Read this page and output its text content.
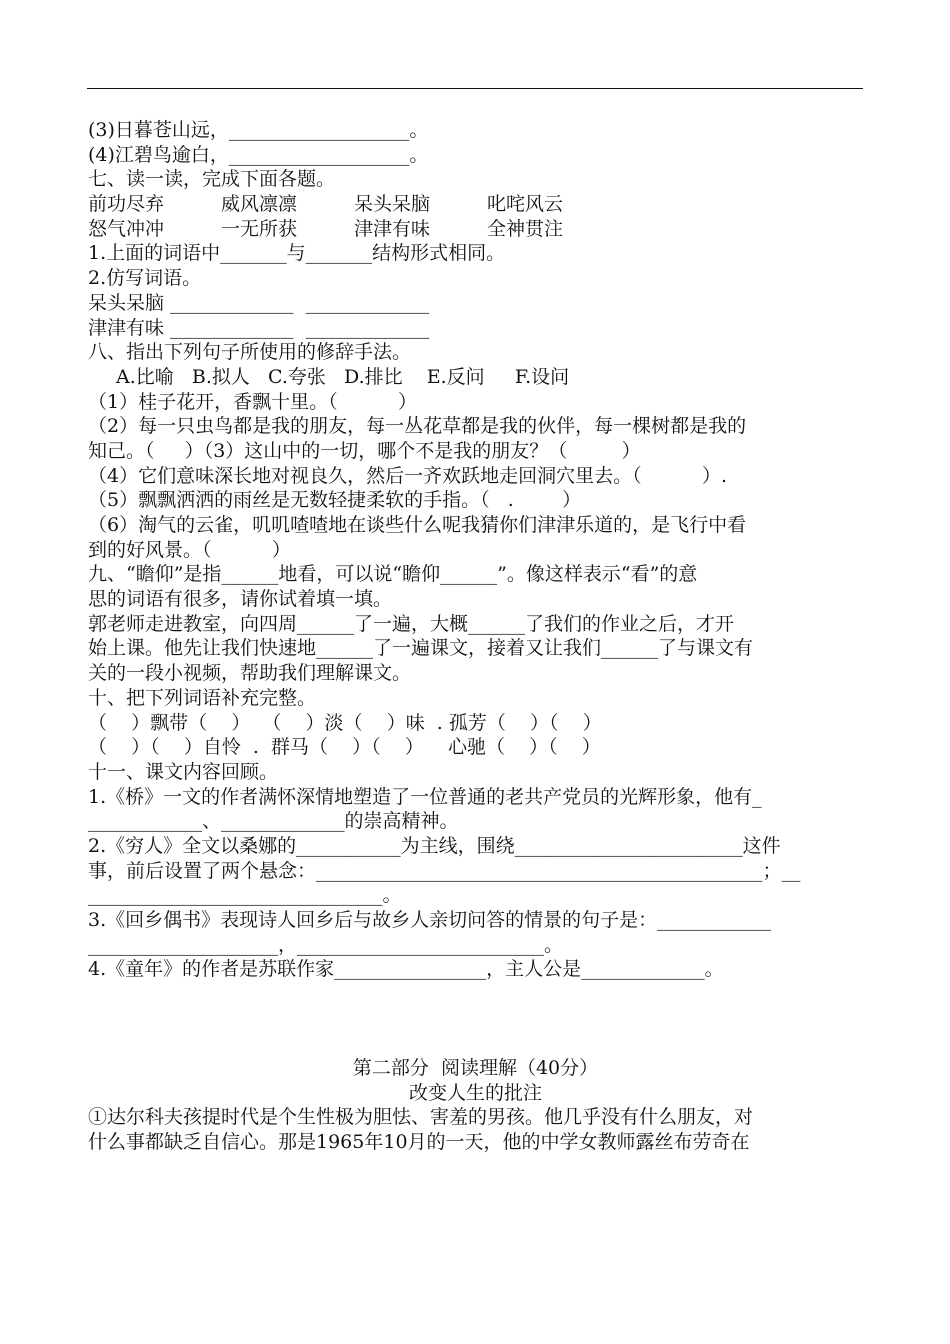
(3)日暮苍山远，___________________。
(4)江碧鸟逾白，___________________。
七、读一读，完成下面各题。
前功尽弃	威风凛凛	呆头呆脑	叱咤风云
怒气冲冲	一无所获	津津有味	全神贯注
1.上面的词语中_______与_______结构形式相同。
2.仿写词语。
呆头呆脑 _____________  _____________
津津有味 _____________  _____________
八、指出下列句子所使用的修辞手法。
A.比喻   B.拟人   C.夸张   D.排比    E.反问     F.设问
（1）桂子花开，香飘十里。（          ）
（2）每一只虫鸟都是我的朋友，每一丛花草都是我的伙伴，每一棵树都是我的
知己。（     ）（3）这山中的一切，哪个不是我的朋友？（         ）
（4）它们意味深长地对视良久，然后一齐欢跃地走回洞穴里去。（          ）.
（5）飘飘洒洒的雨丝是无数轻捷柔软的手指。（   .        ）
（6）淘气的云雀，叽叽喳喳地在谈些什么呢我猜你们津津乐道的，是飞行中看
到的好风景。（          ）
九、“瞻仰”是指______地看，可以说“瞻仰______”。像这样表示“看”的意
思的词语有很多，请你试着填一填。
郭老师走进教室，向四周______了一遍，大概______了我们的作业之后，才开
始上课。他先让我们快速地______了一遍课文，接着又让我们______了与课文有
关的一段小视频，帮助我们理解课文。
十、把下列词语补充完整。
（    ）飘带（    ）  （    ）淡（    ）味  . 孤芳（    ）（    ）
（    ）（    ）自怜  .  群马（    ）（    ）    心驰（    ）（    ）
十一、课文内容回顾。
1.《桥》一文的作者满怀深情地塑造了一位普通的老共产党员的光辉形象，他有_
____________、_____________的崇高精神。
2.《穷人》全文以桑娜的___________为主线，围绕________________________这件
事，前后设置了两个悬念：_______________________________________________；__
_______________________________。
3.《回乡偶书》表现诗人回乡后与故乡人亲切问答的情景的句子是：____________
____________________，__________________________。
4.《童年》的作者是苏联作家________________，主人公是_____________。
第二部分  阅读理解（40分）
改变人生的批注
①达尔科夫孩提时代是个生性极为胆怯、害羞的男孩。他几乎没有什么朋友，对
什么事都缺乏自信心。那是1965年10月的一天，他的中学女教师露丝布劳奇在
